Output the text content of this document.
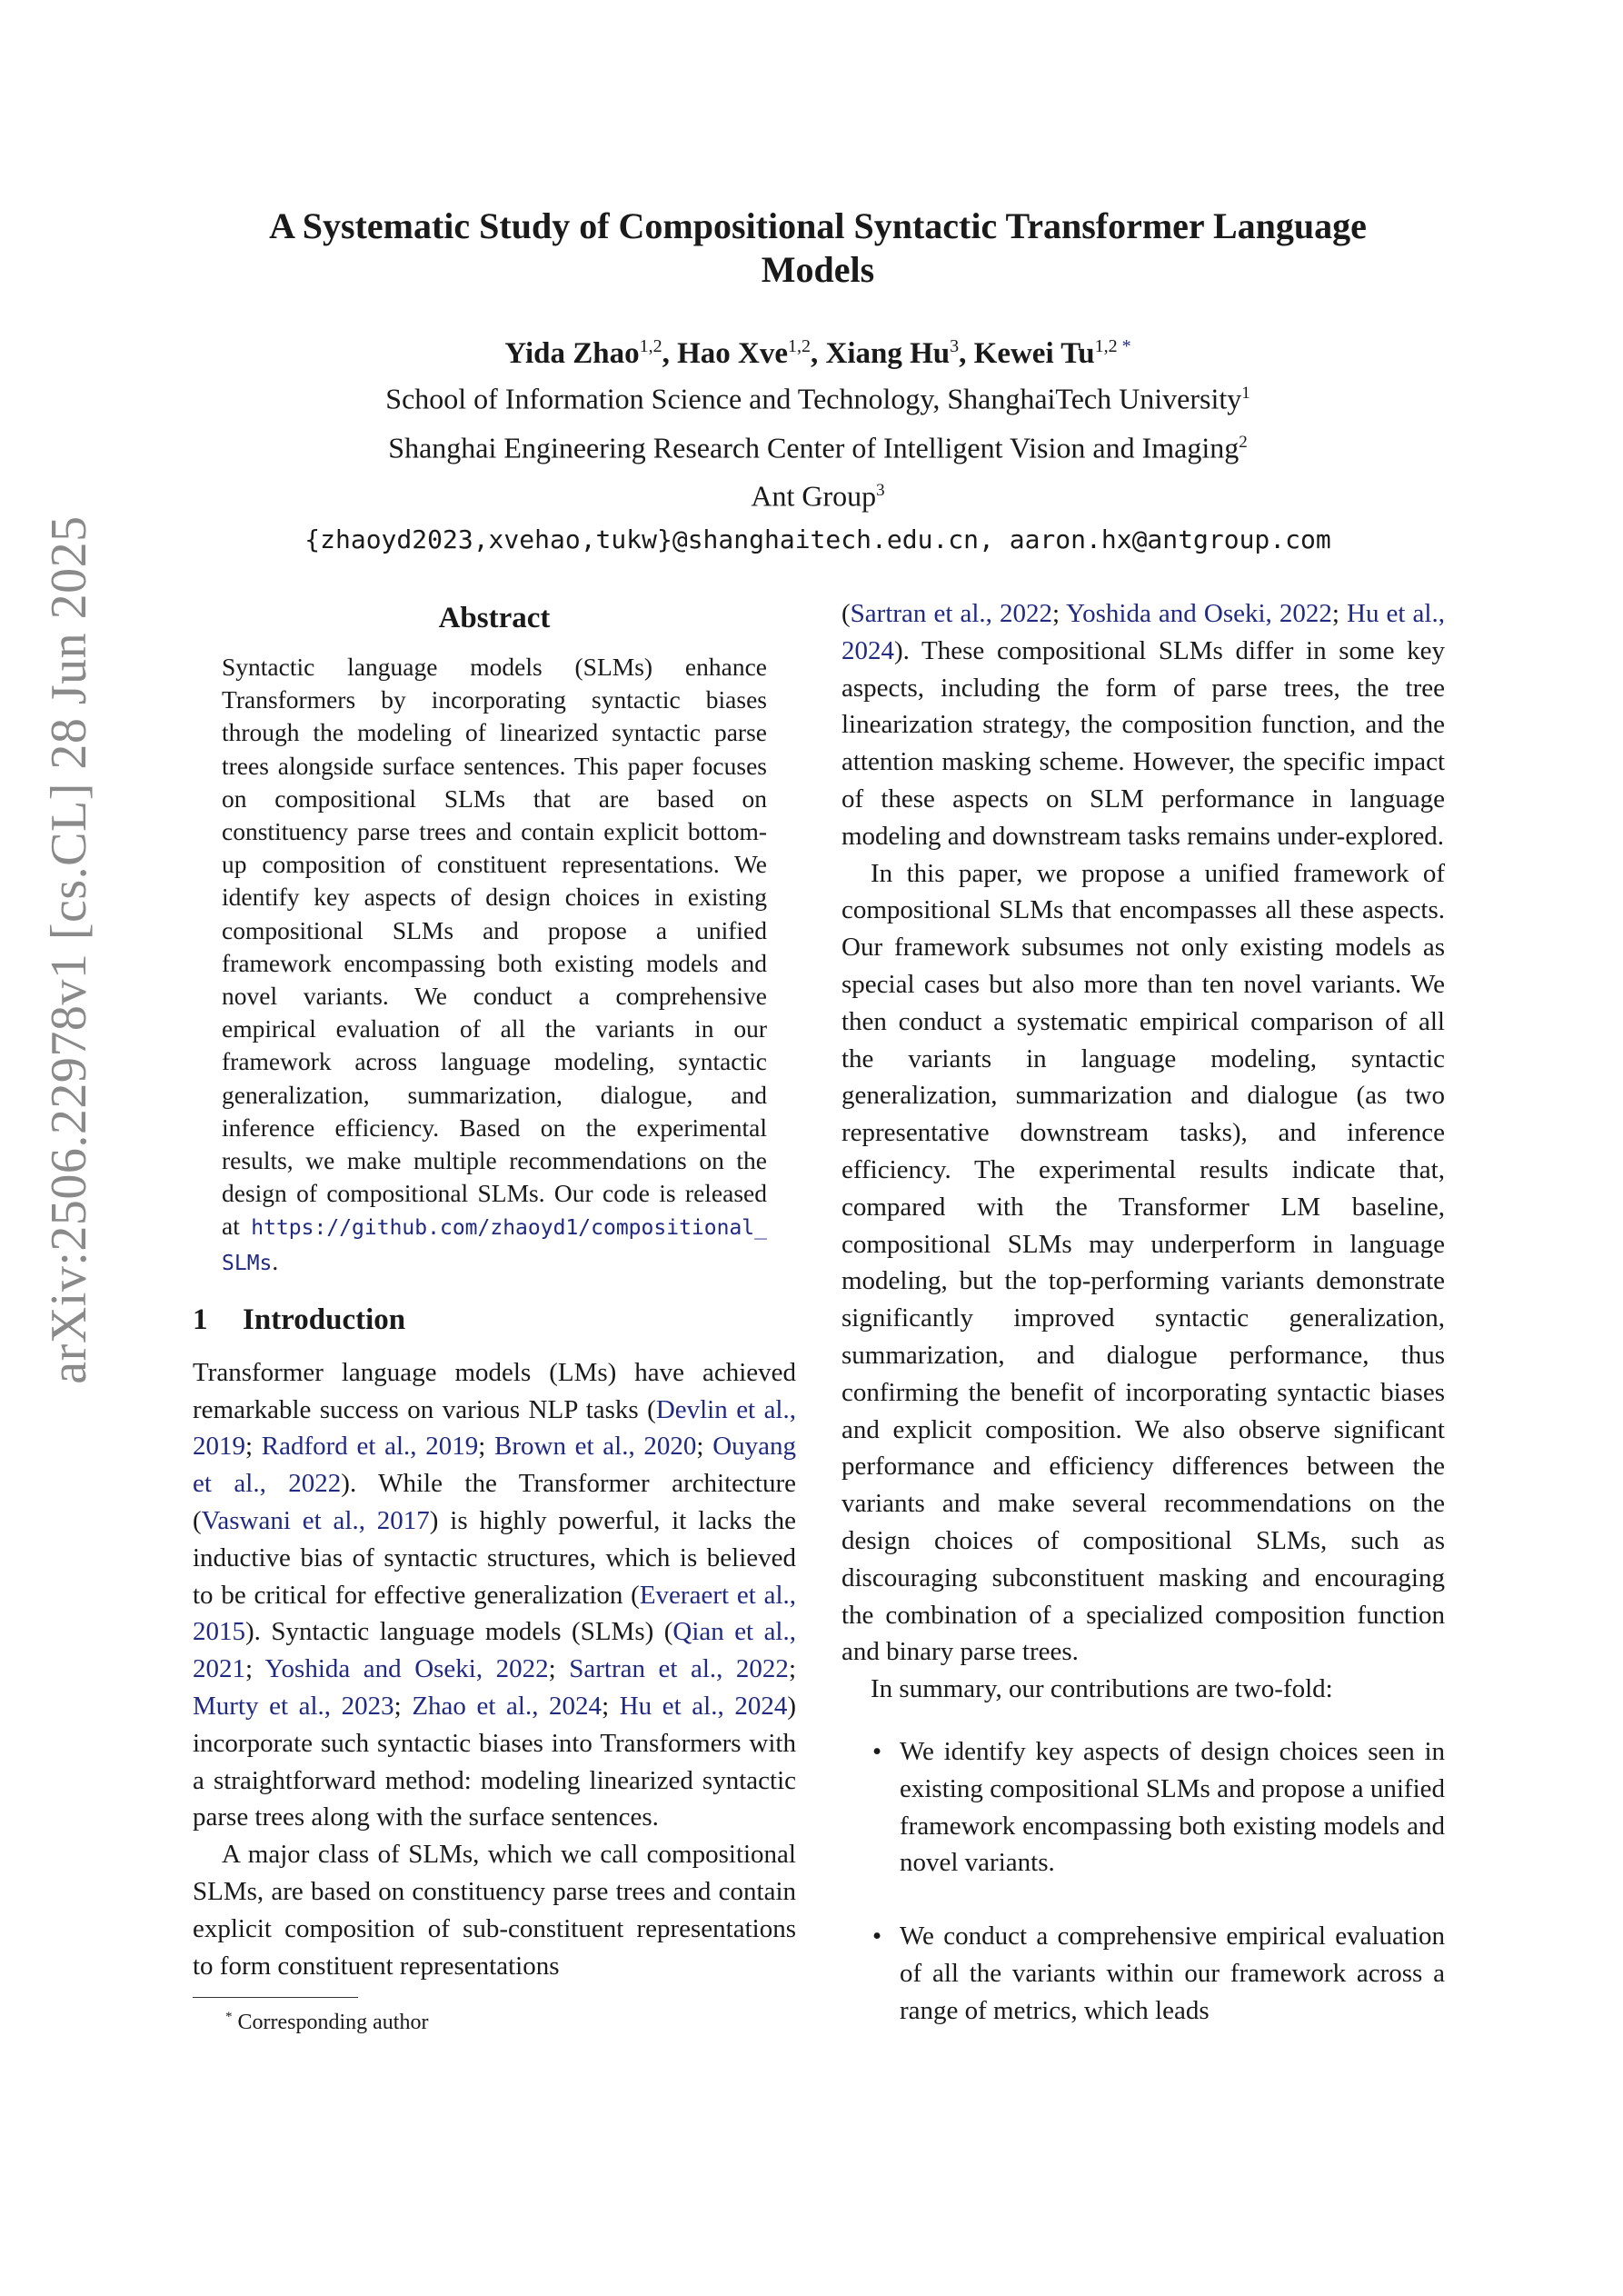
arXiv:2506.22978v1 [cs.CL] 28 Jun 2025
A Systematic Study of Compositional Syntactic Transformer Language Models
Yida Zhao$^{1,2}$, Hao Xve$^{1,2}$, Xiang Hu$^3$, Kewei $Tu^{1,2 *}$
School of Information Science and Technology, ShanghaiTech University$^1$
Shanghai Engineering Research Center of Intelligent Vision and Imaging$^2$
Ant Group$^3$
{zhaoyd2023,xvehao,tukw}@shanghaitech.edu.cn, aaron.hx@antgroup.com
Abstract

Syntactic language models (SLMs) enhance Transformers by incorporating syntactic biases through the modeling of linearized syntactic parse trees alongside surface sentences. This paper focuses on compositional SLMs that are based on constituency parse trees and contain explicit bottom-up composition of constituent representations. We identify key aspects of design choices in existing compositional SLMs and propose a unified framework encompassing both existing models and novel variants. We conduct a comprehensive empirical evaluation of all the variants in our framework across language modeling, syntactic generalization, summarization, dialogue, and inference efficiency. Based on the experimental results, we make multiple recommendations on the design of compositional SLMs. Our code is released at https://github.com/zhaoyd1/compositional_SLMs.

1 Introduction

Transformer language models (LMs) have achieved remarkable success on various NLP tasks (Devlin et al., 2019; Radford et al., 2019; Brown et al., 2020; Ouyang et al., 2022). While the Transformer architecture (Vaswani et al., 2017) is highly powerful, it lacks the inductive bias of syntactic structures, which is believed to be critical for effective generalization (Everaert et al., 2015). Syntactic language models (SLMs) (Qian et al., 2021; Yoshida and Oseki, 2022; Sartran et al., 2022; Murty et al., 2023; Zhao et al., 2024; Hu et al., 2024) incorporate such syntactic biases into Transformers with a straightforward method: modeling linearized syntactic parse trees along with the surface sentences.

A major class of SLMs, which we call compositional SLMs, are based on constituency parse trees and contain explicit composition of sub-constituent representations to form constituent representations

* Corresponding author

(Sartran et al., 2022; Yoshida and Oseki, 2022; Hu et al., 2024). These compositional SLMs differ in some key aspects, including the form of parse trees, the tree linearization strategy, the composition function, and the attention masking scheme. However, the specific impact of these aspects on SLM performance in language modeling and downstream tasks remains under-explored.

In this paper, we propose a unified framework of compositional SLMs that encompasses all these aspects. Our framework subsumes not only existing models as special cases but also more than ten novel variants. We then conduct a systematic empirical comparison of all the variants in language modeling, syntactic generalization, summarization and dialogue (as two representative downstream tasks), and inference efficiency. The experimental results indicate that, compared with the Transformer LM baseline, compositional SLMs may underperform in language modeling, but the top-performing variants demonstrate significantly improved syntactic generalization, summarization, and dialogue performance, thus confirming the benefit of incorporating syntactic biases and explicit composition. We also observe significant performance and efficiency differences between the variants and make several recommendations on the design choices of compositional SLMs, such as discouraging subconstituent masking and encouraging the combination of a specialized composition function and binary parse trees.

In summary, our contributions are two-fold:

• We identify key aspects of design choices seen in existing compositional SLMs and propose a unified framework encompassing both existing models and novel variants.

• We conduct a comprehensive empirical evaluation of all the variants within our framework across a range of metrics, which leads
